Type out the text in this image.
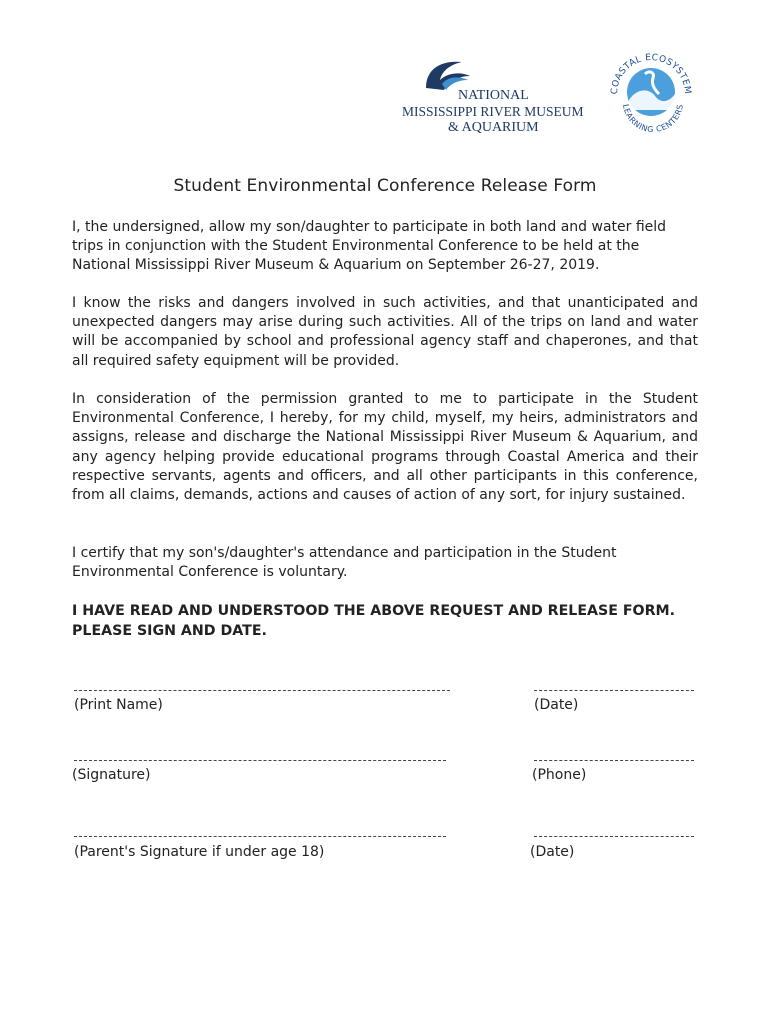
NATIONAL
MISSISSIPPI RIVER MUSEUM
& AQUARIUM
COASTAL ECOSYSTEM
LEARNING CENTERS
Student Environmental Conference Release Form

I, the undersigned, allow my son/daughter to participate in both land and water field trips in conjunction with the Student Environmental Conference to be held at the National Mississippi River Museum & Aquarium on September 26-27, 2019.

I know the risks and dangers involved in such activities, and that unanticipated and unexpected dangers may arise during such activities. All of the trips on land and water will be accompanied by school and professional agency staff and chaperones, and that all required safety equipment will be provided.

In consideration of the permission granted to me to participate in the Student Environmental Conference, I hereby, for my child, myself, my heirs, administrators and assigns, release and discharge the National Mississippi River Museum & Aquarium, and any agency helping provide educational programs through Coastal America and their respective servants, agents and officers, and all other participants in this conference, from all claims, demands, actions and causes of action of any sort, for injury sustained.

I certify that my son's/daughter's attendance and participation in the Student Environmental Conference is voluntary.

I HAVE READ AND UNDERSTOOD THE ABOVE REQUEST AND RELEASE FORM. PLEASE SIGN AND DATE.

(Print Name)	(Date)
(Signature)	(Phone)
(Parent's Signature if under age 18)	(Date)
